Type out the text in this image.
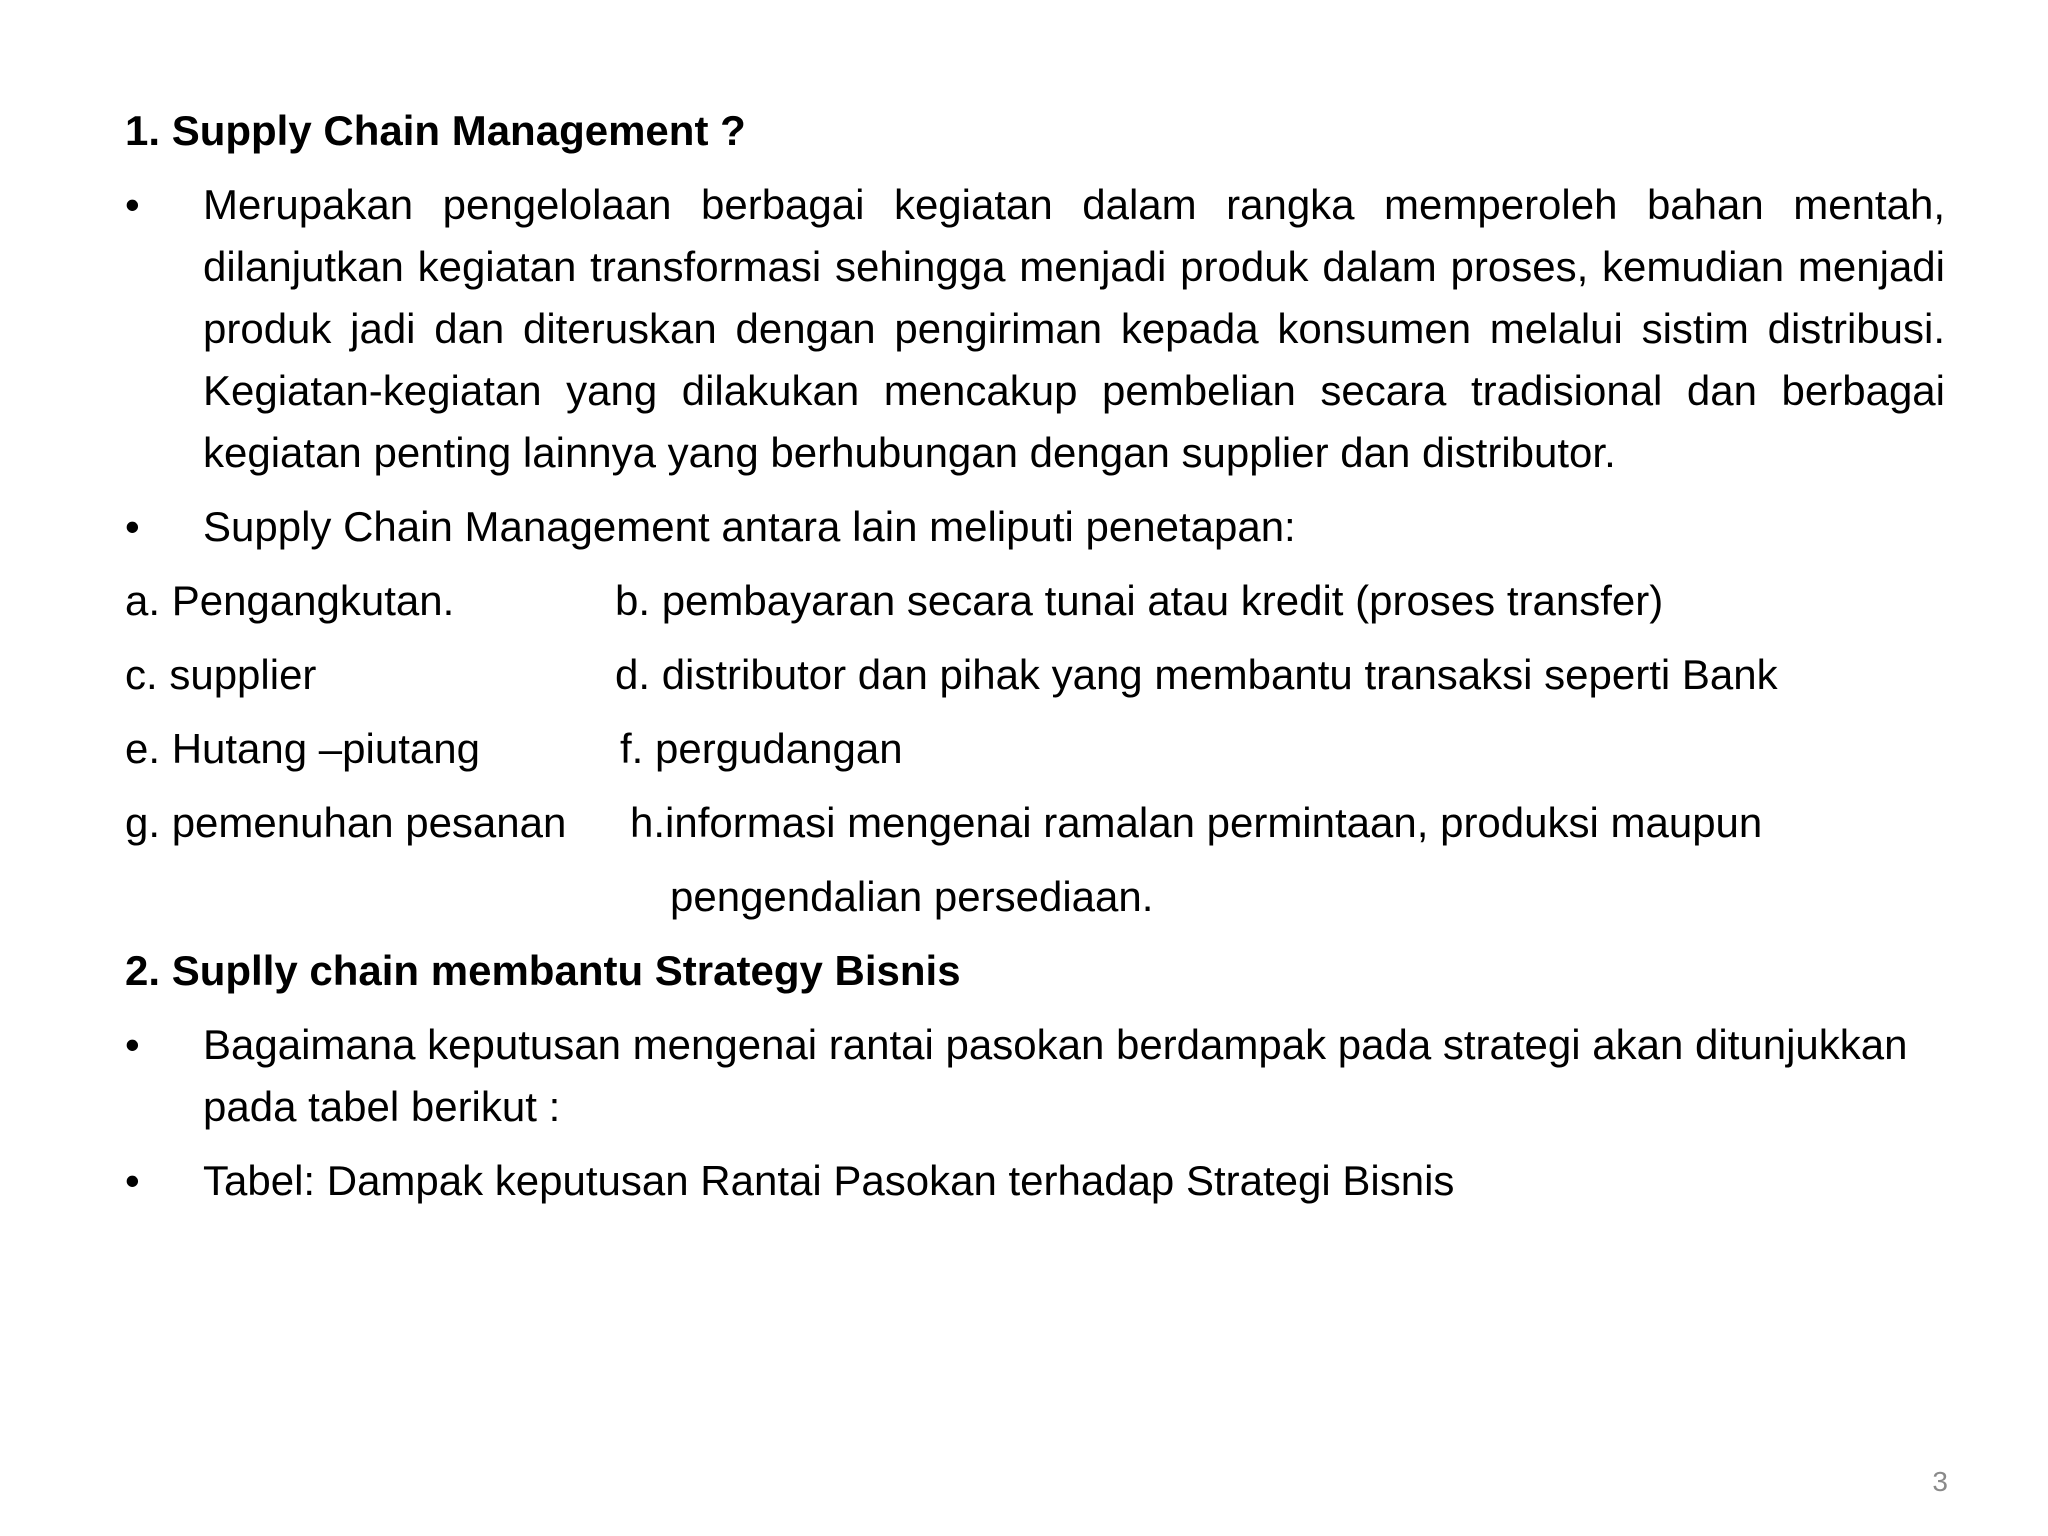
1. Supply Chain Management ?
•	Merupakan pengelolaan berbagai kegiatan dalam rangka memperoleh bahan mentah, dilanjutkan kegiatan transformasi sehingga menjadi produk dalam proses, kemudian menjadi produk jadi dan diteruskan dengan pengiriman kepada konsumen melalui sistim distribusi. Kegiatan-kegiatan yang dilakukan mencakup pembelian secara tradisional dan berbagai kegiatan penting lainnya yang berhubungan dengan supplier dan distributor.
•	Supply Chain Management antara lain meliputi penetapan:
a. Pengangkutan.	b. pembayaran secara tunai atau kredit (proses transfer)
c. supplier	d. distributor dan pihak yang membantu transaksi seperti Bank
e. Hutang –piutang	f. pergudangan
g. pemenuhan pesanan h.informasi mengenai ramalan permintaan, produksi maupun
pengendalian persediaan.
2. Suplly chain membantu Strategy Bisnis
•	Bagaimana keputusan mengenai rantai pasokan berdampak pada strategi akan ditunjukkan pada tabel berikut :
•	Tabel: Dampak keputusan Rantai Pasokan terhadap Strategi Bisnis
3
